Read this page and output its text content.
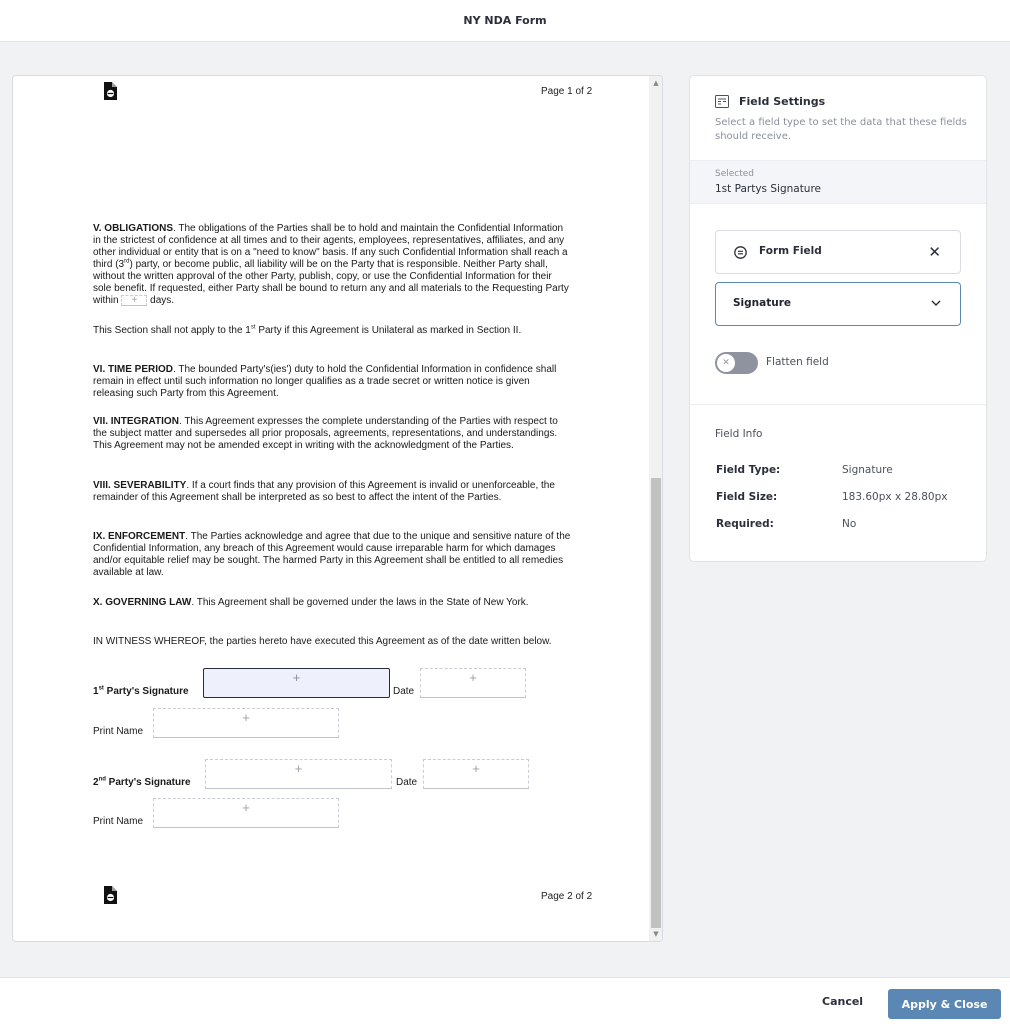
NY NDA Form
Page 1 of 2
V. OBLIGATIONS. The obligations of the Parties shall be to hold and maintain the Confidential Information in the strictest of confidence at all times and to their agents, employees, representatives, affiliates, and any other individual or entity that is on a "need to know" basis. If any such Confidential Information shall reach a third (3rd) party, or become public, all liability will be on the Party that is responsible. Neither Party shall, without the written approval of the other Party, publish, copy, or use the Confidential Information for their sole benefit. If requested, either Party shall be bound to return any and all materials to the Requesting Party within + days.
This Section shall not apply to the 1st Party if this Agreement is Unilateral as marked in Section II.
VI. TIME PERIOD. The bounded Party's(ies') duty to hold the Confidential Information in confidence shall remain in effect until such information no longer qualifies as a trade secret or written notice is given releasing such Party from this Agreement.
VII. INTEGRATION. This Agreement expresses the complete understanding of the Parties with respect to the subject matter and supersedes all prior proposals, agreements, representations, and understandings. This Agreement may not be amended except in writing with the acknowledgment of the Parties.
VIII. SEVERABILITY. If a court finds that any provision of this Agreement is invalid or unenforceable, the remainder of this Agreement shall be interpreted as so best to affect the intent of the Parties.
IX. ENFORCEMENT. The Parties acknowledge and agree that due to the unique and sensitive nature of the Confidential Information, any breach of this Agreement would cause irreparable harm for which damages and/or equitable relief may be sought. The harmed Party in this Agreement shall be entitled to all remedies available at law.
X. GOVERNING LAW. This Agreement shall be governed under the laws in the State of New York.
IN WITNESS WHEREOF, the parties hereto have executed this Agreement as of the date written below.
1st Party's Signature
+
Date
+
Print Name
+
2nd Party's Signature
+
Date
+
Print Name
+
Page 2 of 2
▲
▼
Field Settings
Select a field type to set the data that these fields should receive.
Selected
1st Partys Signature
Form Field	✕
Signature
✕	Flatten field
Field Info
Field Type:	Signature
Field Size:	183.60px x 28.80px
Required:	No
Cancel	Apply & Close
